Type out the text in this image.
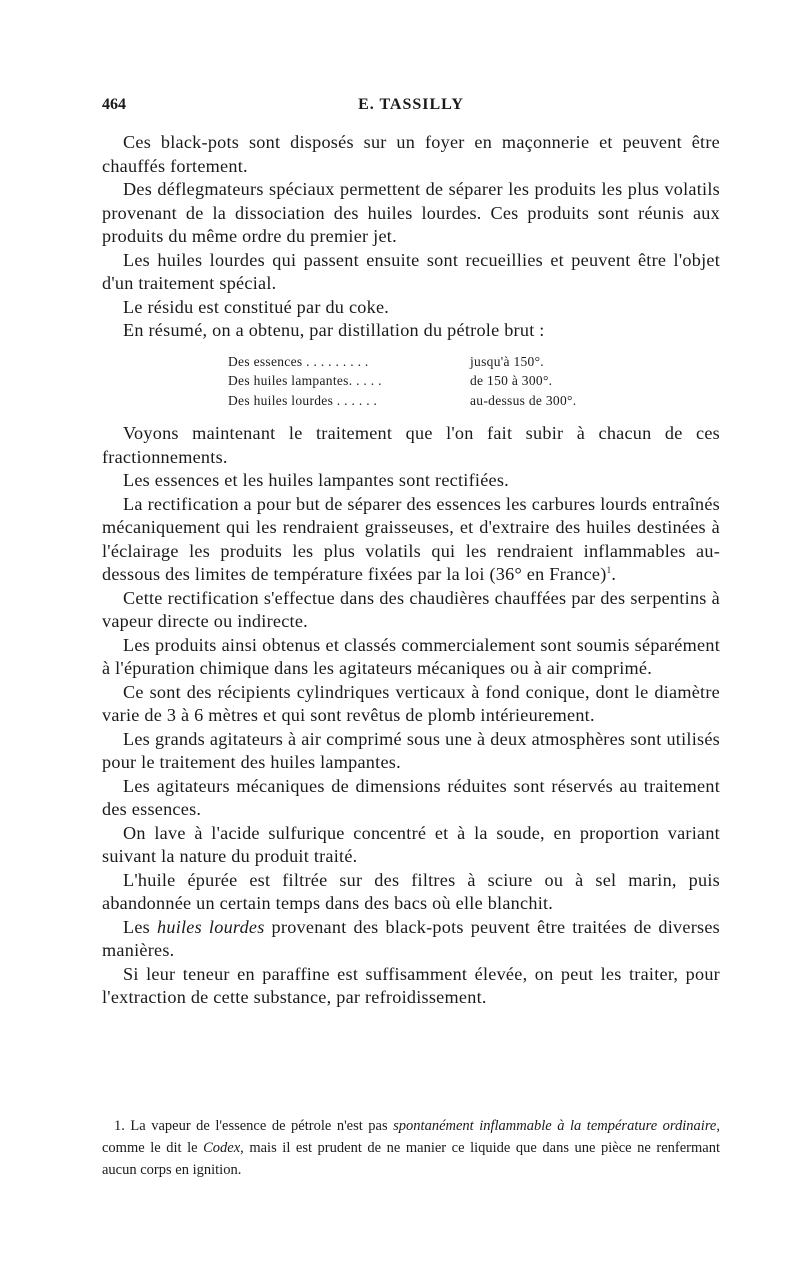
464	E. TASSILLY

Ces black-pots sont disposés sur un foyer en maçonnerie et peuvent être chauffés fortement.

Des déflegmateurs spéciaux permettent de séparer les produits les plus volatils provenant de la dissociation des huiles lourdes. Ces produits sont réunis aux produits du même ordre du premier jet.

Les huiles lourdes qui passent ensuite sont recueillies et peuvent être l'objet d'un traitement spécial.

Le résidu est constitué par du coke.

En résumé, on a obtenu, par distillation du pétrole brut :

Des essences . . . . . . . . .	jusqu'à 150°.
Des huiles lampantes. . . . .	de 150 à 300°.
Des huiles lourdes . . . . . .	au-dessus de 300°.

Voyons maintenant le traitement que l'on fait subir à chacun de ces fractionnements.

Les essences et les huiles lampantes sont rectifiées.

La rectification a pour but de séparer des essences les carbures lourds entraînés mécaniquement qui les rendraient graisseuses, et d'extraire des huiles destinées à l'éclairage les produits les plus volatils qui les rendraient inflammables au-dessous des limites de température fixées par la loi (36° en France)$^1$.

Cette rectification s'effectue dans des chaudières chauffées par des serpentins à vapeur directe ou indirecte.

Les produits ainsi obtenus et classés commercialement sont soumis séparément à l'épuration chimique dans les agitateurs mécaniques ou à air comprimé.

Ce sont des récipients cylindriques verticaux à fond conique, dont le diamètre varie de 3 à 6 mètres et qui sont revêtus de plomb intérieurement.

Les grands agitateurs à air comprimé sous une à deux atmosphères sont utilisés pour le traitement des huiles lampantes.

Les agitateurs mécaniques de dimensions réduites sont réservés au traitement des essences.

On lave à l'acide sulfurique concentré et à la soude, en proportion variant suivant la nature du produit traité.

L'huile épurée est filtrée sur des filtres à sciure ou à sel marin, puis abandonnée un certain temps dans des bacs où elle blanchit.

Les huiles lourdes provenant des black-pots peuvent être traitées de diverses manières.

Si leur teneur en paraffine est suffisamment élevée, on peut les traiter, pour l'extraction de cette substance, par refroidissement.

1. La vapeur de l'essence de pétrole n'est pas spontanément inflammable à la température ordinaire, comme le dit le Codex, mais il est prudent de ne manier ce liquide que dans une pièce ne renfermant aucun corps en ignition.
